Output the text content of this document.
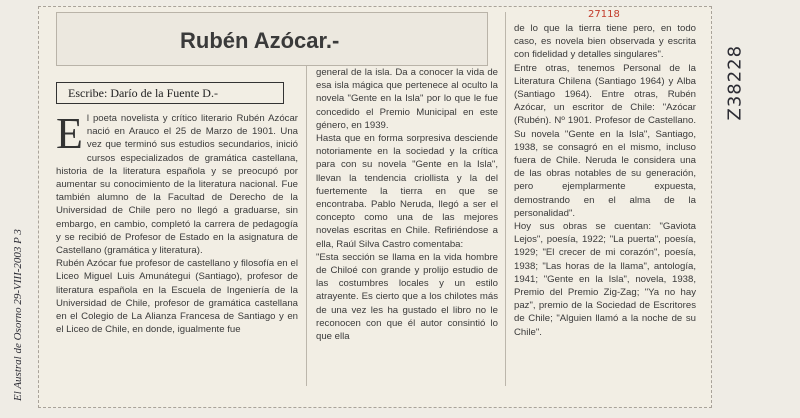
El Austral de Osorno 29-VIII-2003 P 3
27118
Z38228
Rubén Azócar.-
Escribe: Darío de la Fuente D.-
E l poeta novelista y crítico literario Rubén Azócar nació en Arauco el 25 de Marzo de 1901. Una vez que terminó sus estudios secundarios, inició cursos especializados de gramática castellana, historia de la literatura española y se preocupó por aumentar su conocimiento de la literatura nacional. Fue también alumno de la Facultad de Derecho de la Universidad de Chile pero no llegó a graduarse, sin embargo, en cambio, completó la carrera de pedagogía y se recibió de Profesor de Estado en la asignatura de Castellano (gramática y literatura).

Rubén Azócar fue profesor de castellano y filosofía en el Liceo Miguel Luis Amunátegui (Santiago), profesor de literatura española en la Escuela de Ingeniería de la Universidad de Chile, profesor de gramática castellana en el Colegio de La Alianza Francesa de Santiago y en el Liceo de Chile, en donde, igualmente fue

general de la isla. Da a conocer la vida de esa isla mágica que pertenece al oculto la novela "Gente en la Isla" por lo que le fue concedido el Premio Municipal en este género, en 1939.

Hasta que en forma sorpresiva desciende notoriamente en la sociedad y la crítica para con su novela "Gente en la Isla", llevan la tendencia criollista y la del fuertemente la tierra en que se encontraba. Pablo Neruda, llegó a ser el concepto como una de las mejores novelas escritas en Chile. Refiriéndose a ella, Raúl Silva Castro comentaba:

"Esta sección se llama en la vida hombre de Chiloé con grande y prolijo estudio de las costumbres locales y un estilo atrayente. Es cierto que a los chilotes más de una vez les ha gustado el libro no le reconocen con que él autor consintió lo que ella

de lo que la tierra tiene pero, en todo caso, es novela bien observada y escrita con fidelidad y detalles singulares".

Entre otras, tenemos Personal de la Literatura Chilena (Santiago 1964) y Alba (Santiago 1964). Entre otras, Rubén Azócar, un escritor de Chile: "Azócar (Rubén). Nº 1901. Profesor de Castellano. Su novela "Gente en la Isla", Santiago, 1938, se consagró en el mismo, incluso fuera de Chile. Neruda le considera una de las obras notables de su generación, pero ejemplarmente expuesta, demostrando en el alma de la personalidad".

Hoy sus obras se cuentan: "Gaviota Lejos", poesía, 1922; "La puerta", poesía, 1929; "El crecer de mi corazón", poesía, 1938; "Las horas de la llama", antología, 1941; "Gente en la Isla", novela, 1938, Premio del Premio Zig-Zag; "Ya no hay paz", premio de la Sociedad de Escritores de Chile; "Alguien llamó a la noche de su Chile".
